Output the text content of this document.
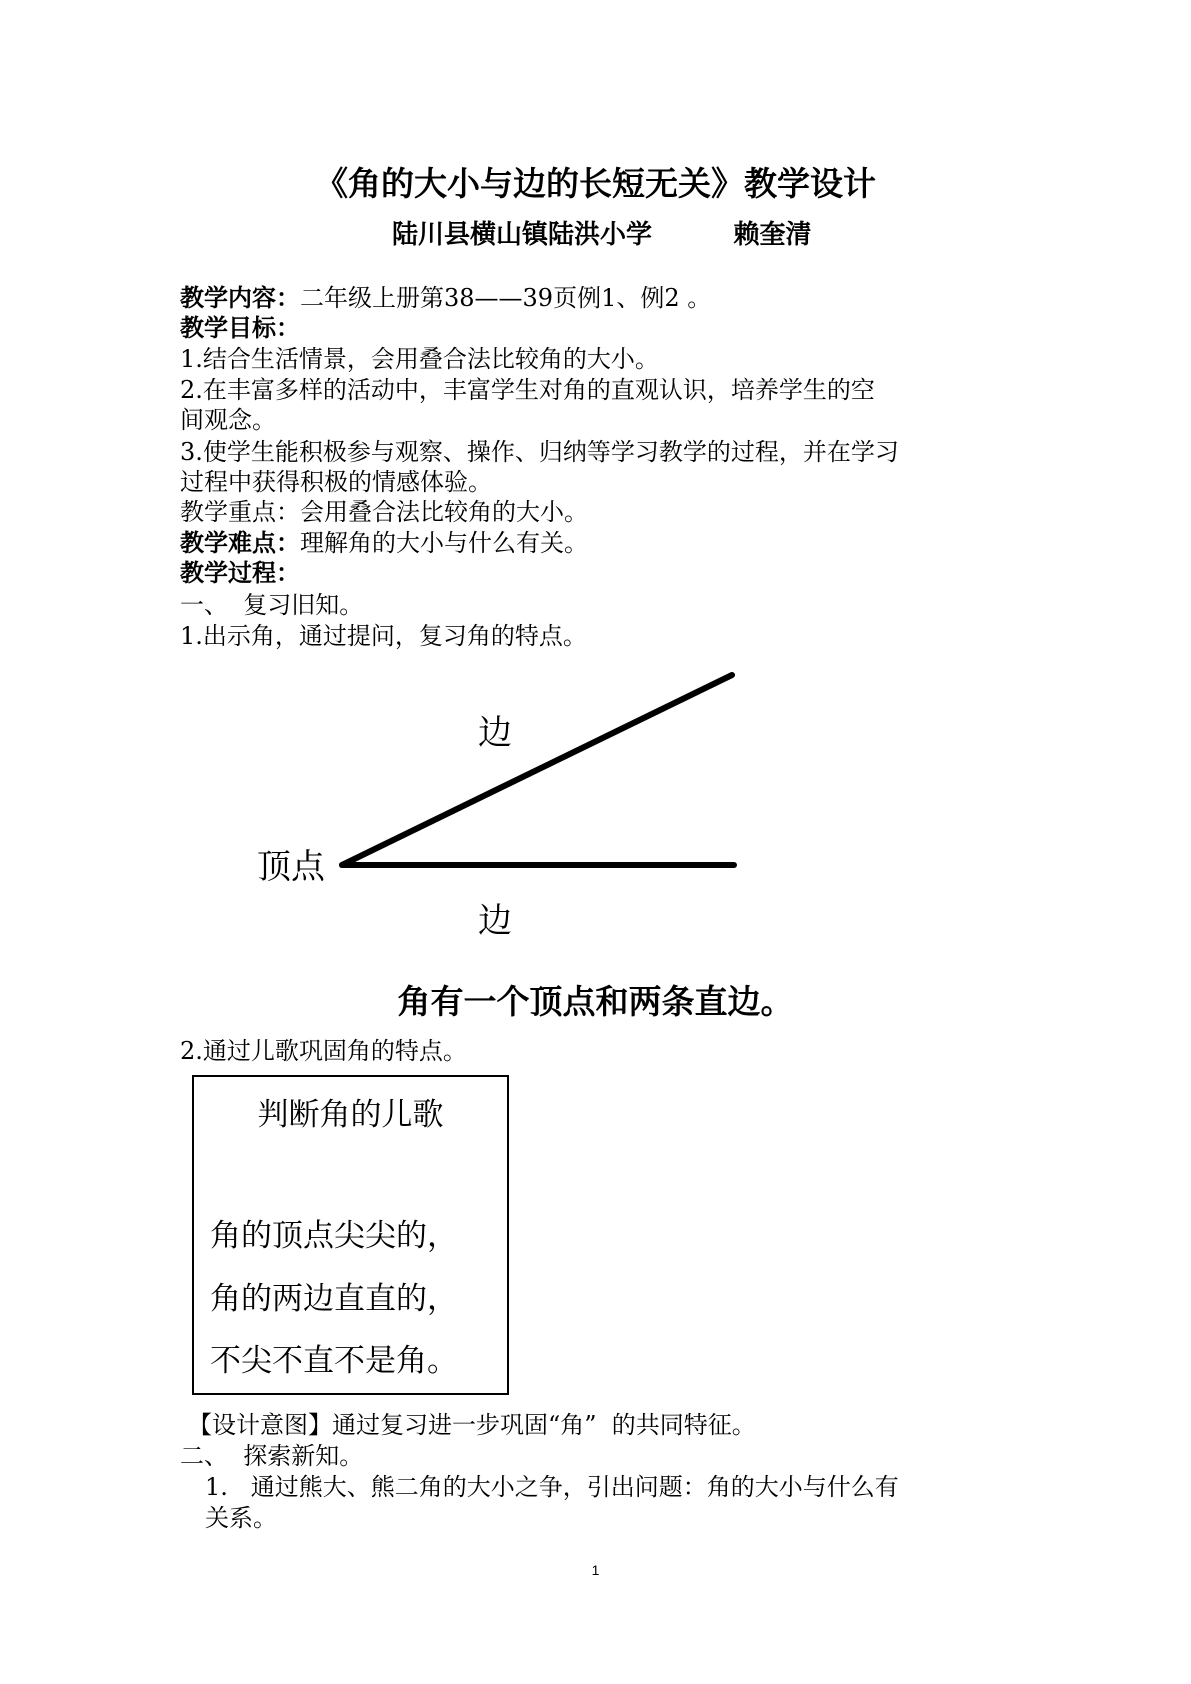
《角的大小与边的长短无关》教学设计
陆川县横山镇陆洪小学         赖奎清
教学内容：二年级上册第38——39页例1、例2 。
教学目标：
1.结合生活情景，会用叠合法比较角的大小。
2.在丰富多样的活动中，丰富学生对角的直观认识，培养学生的空
间观念。
3.使学生能积极参与观察、操作、归纳等学习教学的过程，并在学习
过程中获得积极的情感体验。
教学重点：会用叠合法比较角的大小。
教学难点：理解角的大小与什么有关。
教学过程：
一、  复习旧知。
1.出示角，通过提问，复习角的特点。
边
顶点
边
角有一个顶点和两条直边。
2.通过儿歌巩固角的特点。
判断角的儿歌
角的顶点尖尖的，
角的两边直直的，
不尖不直不是角。
【设计意图】通过复习进一步巩固“角”  的共同特征。
二、  探索新知。
1.   通过熊大、熊二角的大小之争，引出问题：角的大小与什么有
关系。
1
